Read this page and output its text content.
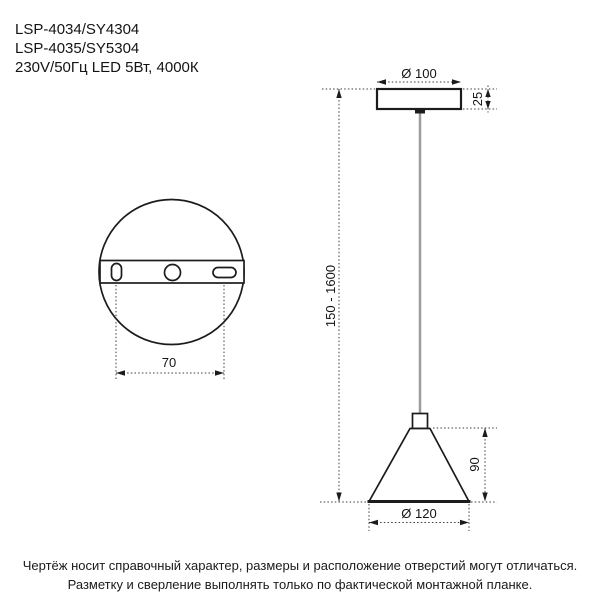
LSP-4034/SY4304
LSP-4035/SY5304
230V/50Гц LED 5Вт, 4000К
70
Ø 100
25
150 - 1600
90
Ø 120
Чертёж носит справочный характер, размеры и расположение отверстий могут отличаться.
Разметку и сверление выполнять только по фактической монтажной планке.
